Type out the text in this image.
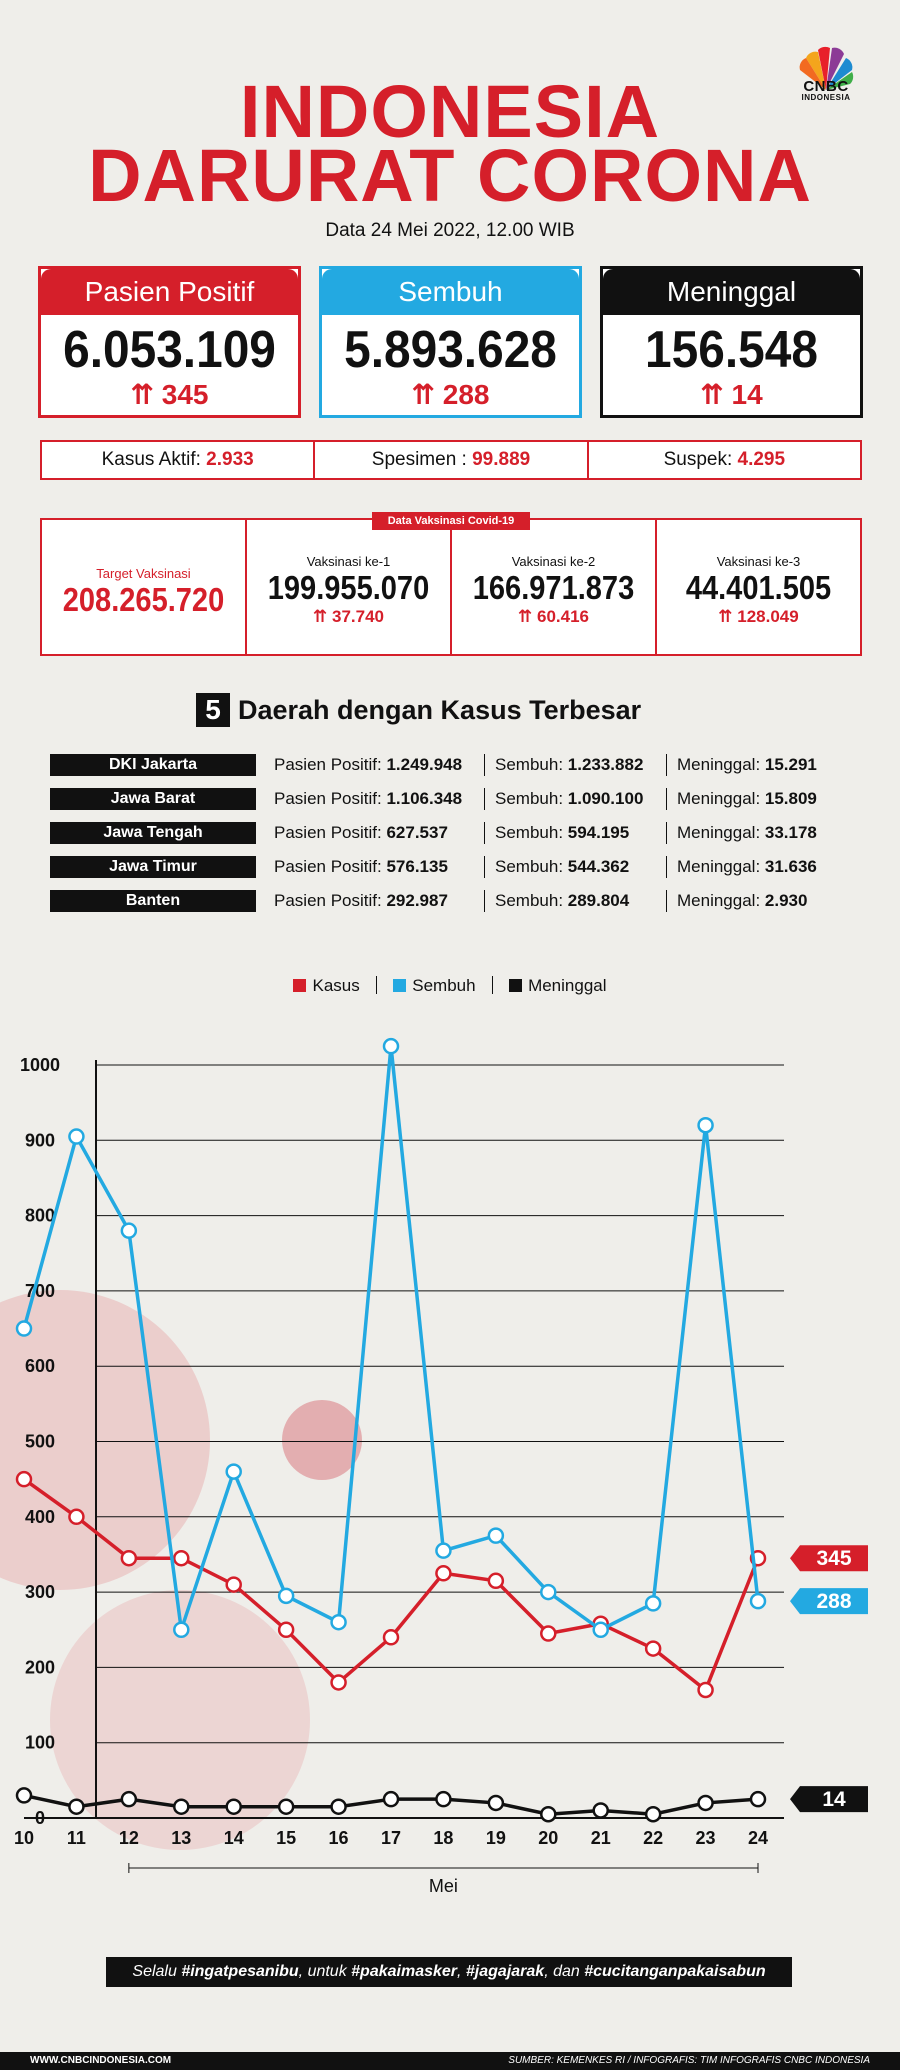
CNBC
INDONESIA
INDONESIA
DARURAT CORONA
Data 24 Mei 2022, 12.00 WIB
Pasien Positif
6.053.109
⇈ 345
Sembuh
5.893.628
⇈ 288
Meninggal
156.548
⇈ 14
Kasus Aktif: 2.933	Spesimen : 99.889	Suspek: 4.295
Target Vaksinasi
208.265.720
Vaksinasi ke-1
199.955.070
⇈ 37.740
Vaksinasi ke-2
166.971.873
⇈ 60.416
Vaksinasi ke-3
44.401.505
⇈ 128.049
Data Vaksinasi Covid-19
5 Daerah dengan Kasus Terbesar
DKI Jakarta	Pasien Positif: 1.249.948	Sembuh: 1.233.882	Meninggal: 15.291
Jawa Barat	Pasien Positif: 1.106.348	Sembuh: 1.090.100	Meninggal: 15.809
Jawa Tengah	Pasien Positif: 627.537	Sembuh: 594.195	Meninggal: 33.178
Jawa Timur	Pasien Positif: 576.135	Sembuh: 544.362	Meninggal: 31.636
Banten	Pasien Positif: 292.987	Sembuh: 289.804	Meninggal: 2.930
Kasus	Sembuh	Meninggal
0
100
200
300
400
500
600
700
800
900
1000
10 11 12 13 14 15 16 17 18 19 20 21 22 23 24
Mei
345
288
14
Selalu #ingatpesanibu, untuk #pakaimasker, #jagajarak, dan #cucitanganpakaisabun
WWW.CNBCINDONESIA.COM	SUMBER: KEMENKES RI / INFOGRAFIS: TIM INFOGRAFIS CNBC INDONESIA
